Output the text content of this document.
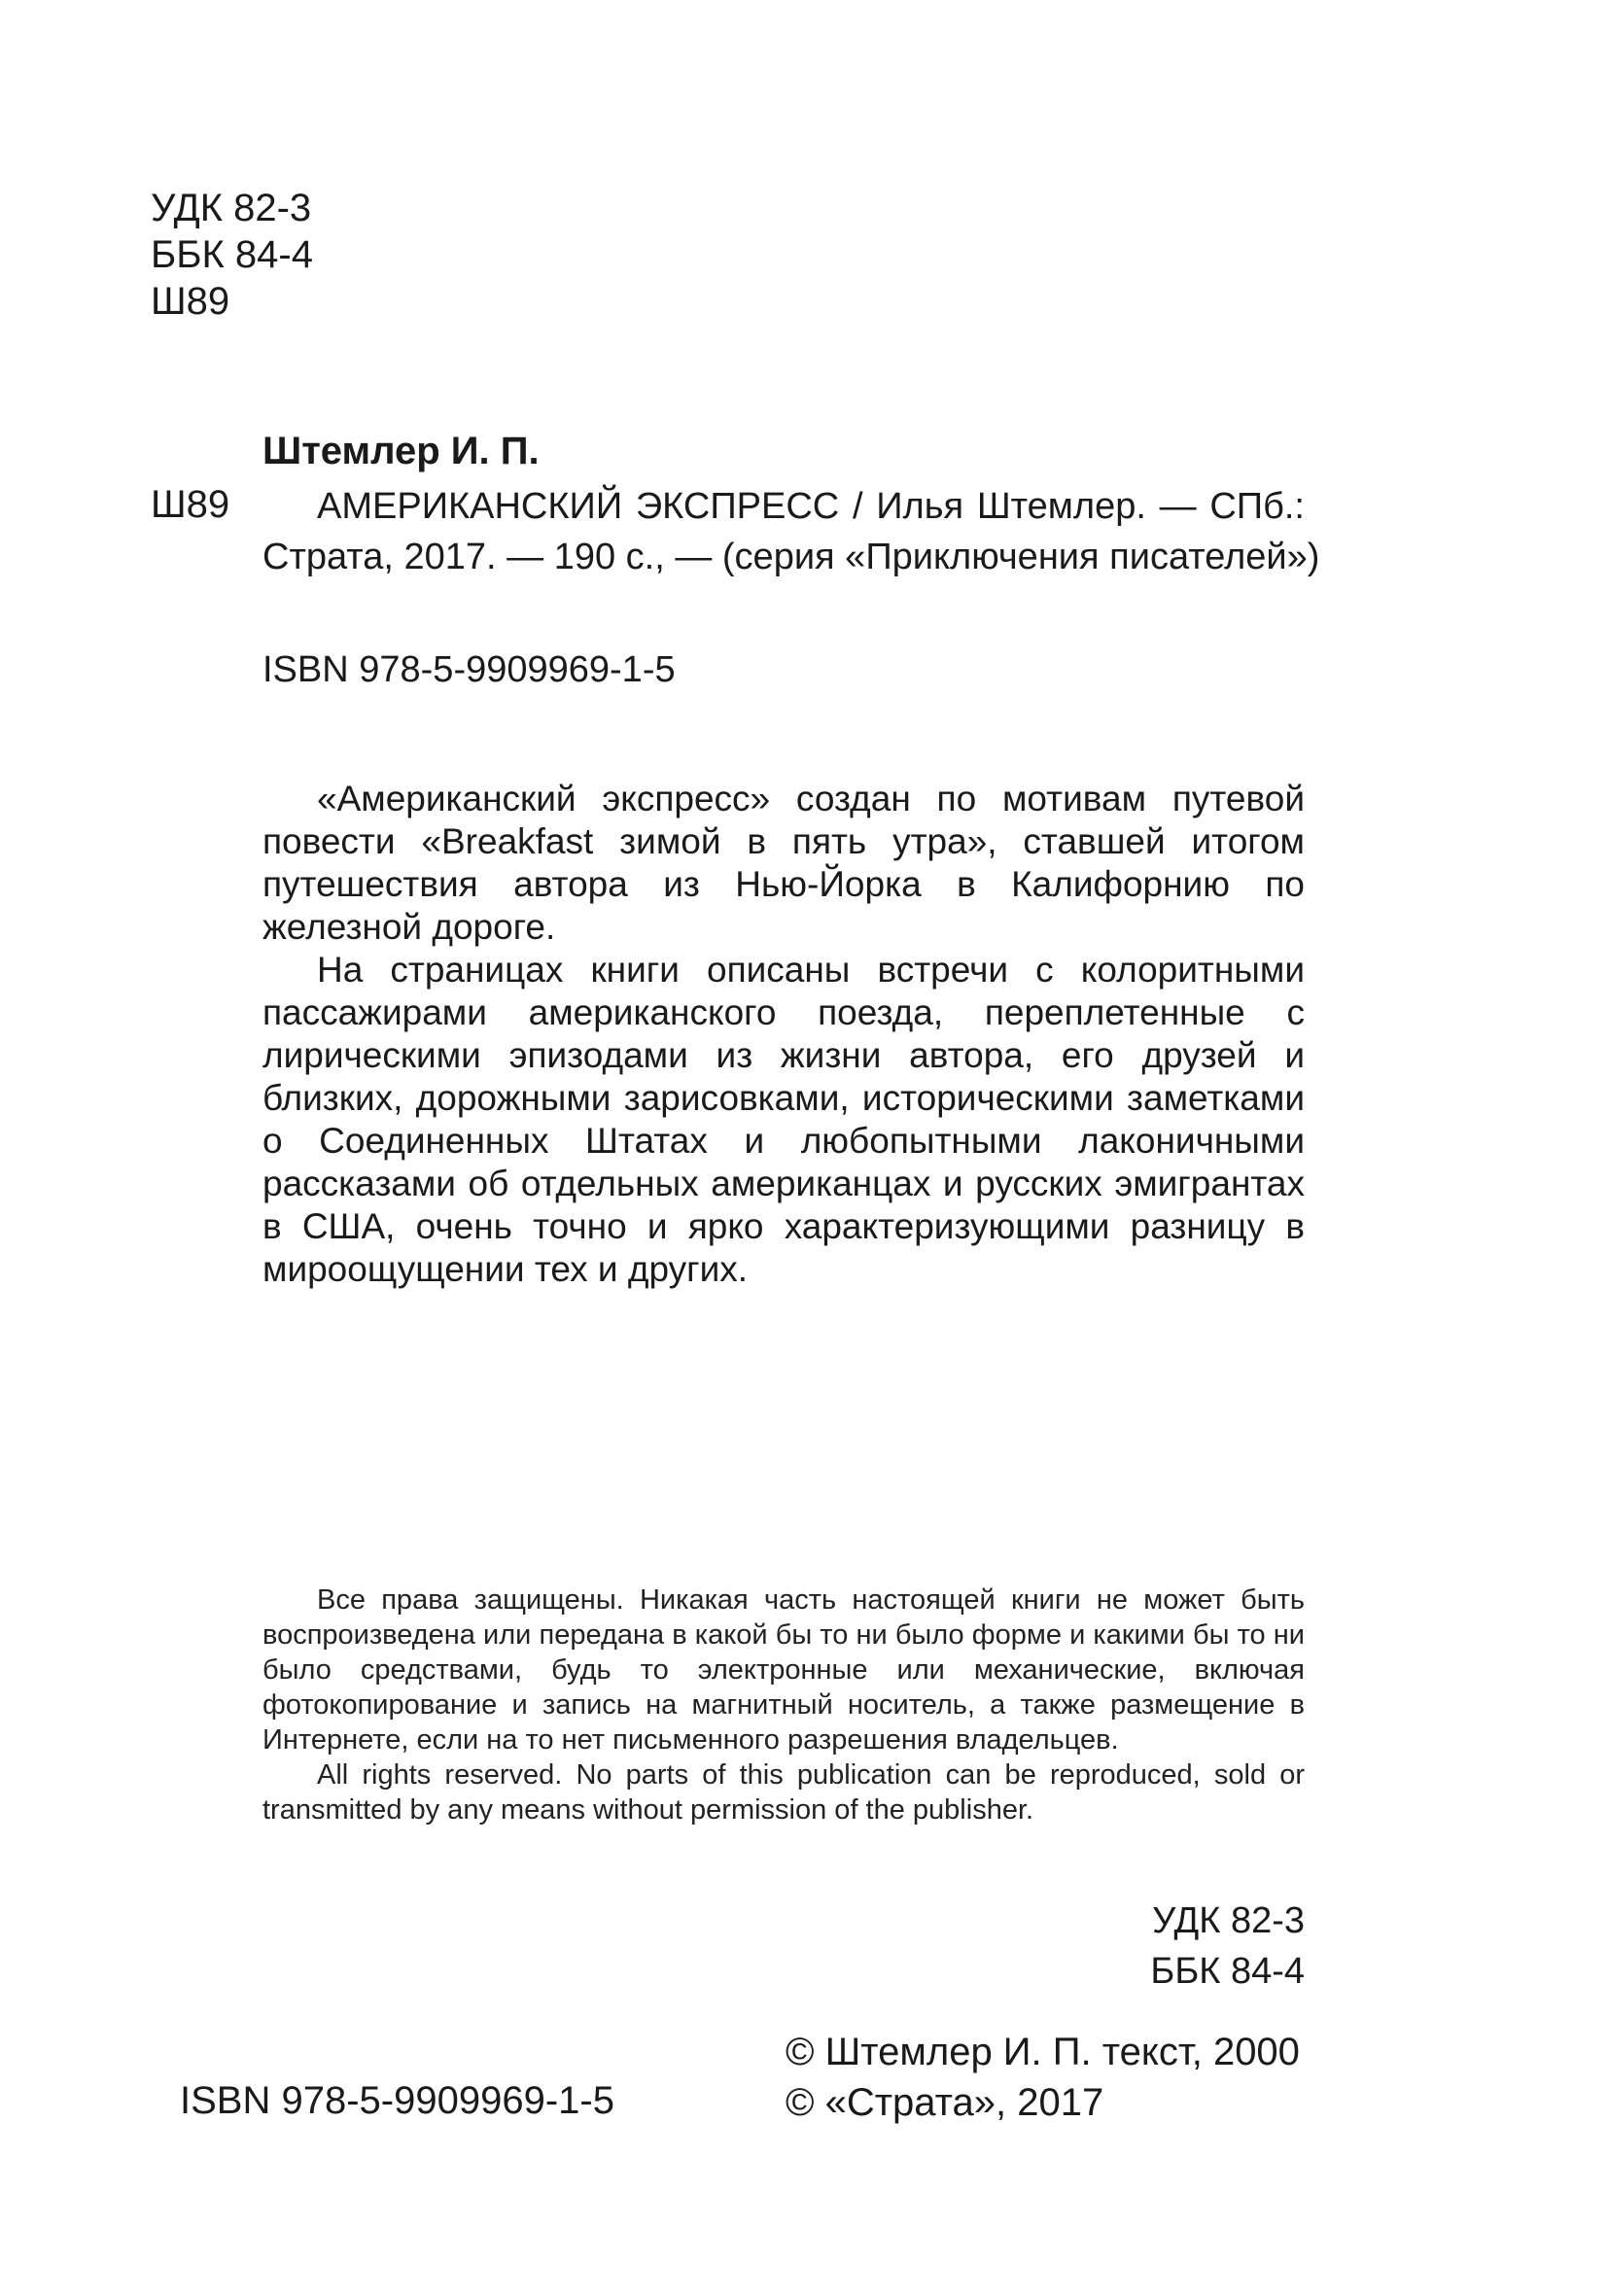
УДК 82-3
ББК 84-4
Ш89
Штемлер И. П.
Ш89	АМЕРИКАНСКИЙ ЭКСПРЕСС / Илья Штемлер. — СПб.:
Страта, 2017. — 190 с., — (серия «Приключения писателей»)
ISBN 978-5-9909969-1-5

«Американский экспресс» создан по мотивам путевой повести «Breakfast зимой в пять утра», ставшей итогом путешествия автора из Нью-Йорка в Калифорнию по железной дороге.

На страницах книги описаны встречи с колоритными пассажирами американского поезда, переплетенные с лирическими эпизодами из жизни автора, его друзей и близких, дорожными зарисовками, историческими заметками о Соединенных Штатах и любопытными лаконичными рассказами об отдельных американцах и русских эмигрантах в США, очень точно и ярко характеризующими разницу в мироощущении тех и других.

Все права защищены. Никакая часть настоящей книги не может быть воспроизведена или передана в какой бы то ни было форме и какими бы то ни было средствами, будь то электронные или механические, включая фотокопирование и запись на магнитный носитель, а также размещение в Интернете, если на то нет письменного разрешения владельцев.

All rights reserved. No parts of this publication can be reproduced, sold or transmitted by any means without permission of the publisher.

УДК 82-3
ББК 84-4
ISBN 978-5-9909969-1-5
© Штемлер И. П. текст, 2000
© «Страта», 2017
